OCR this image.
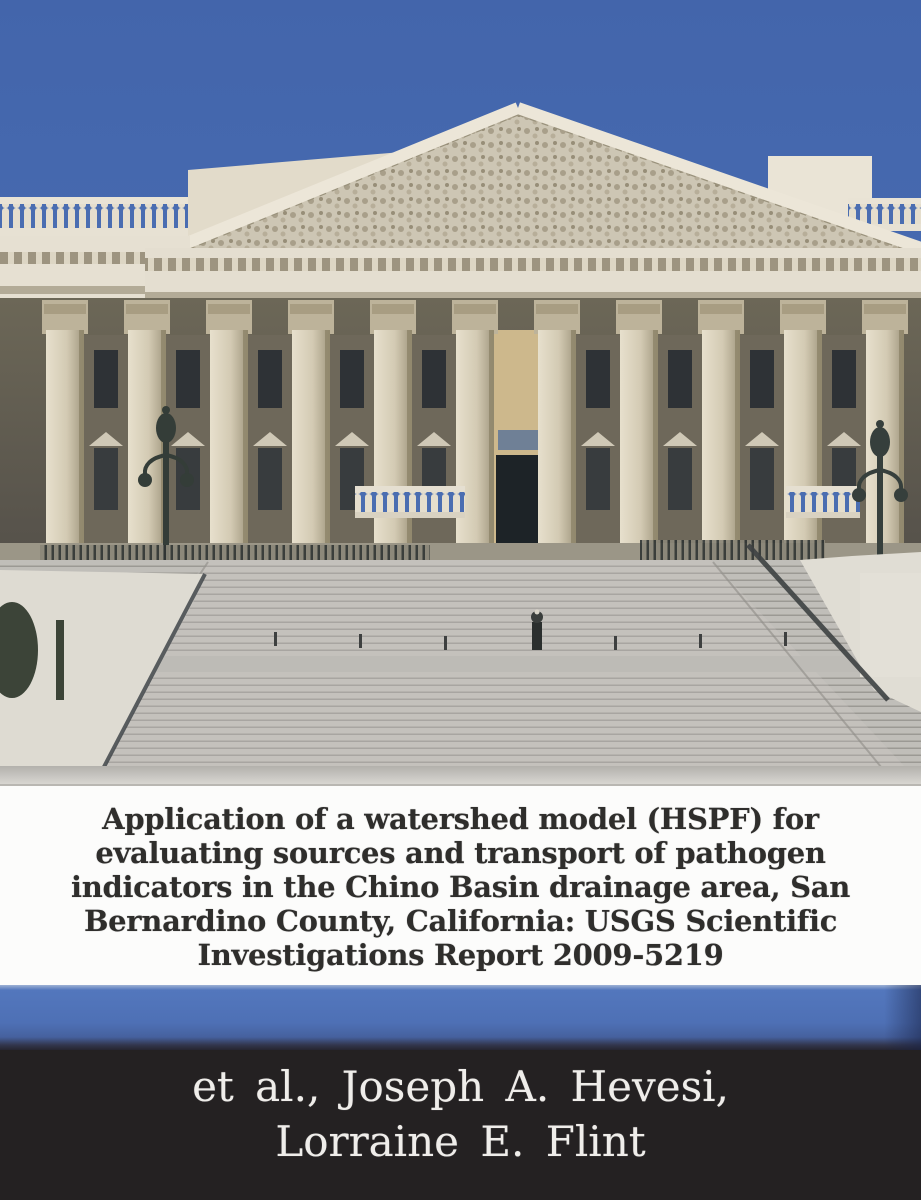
Application of a watershed model (HSPF) for
evaluating sources and transport of pathogen
indicators in the Chino Basin drainage area, San
Bernardino County, California: USGS Scientific
Investigations Report 2009-5219
et al., Joseph A. Hevesi,
Lorraine E. Flint
